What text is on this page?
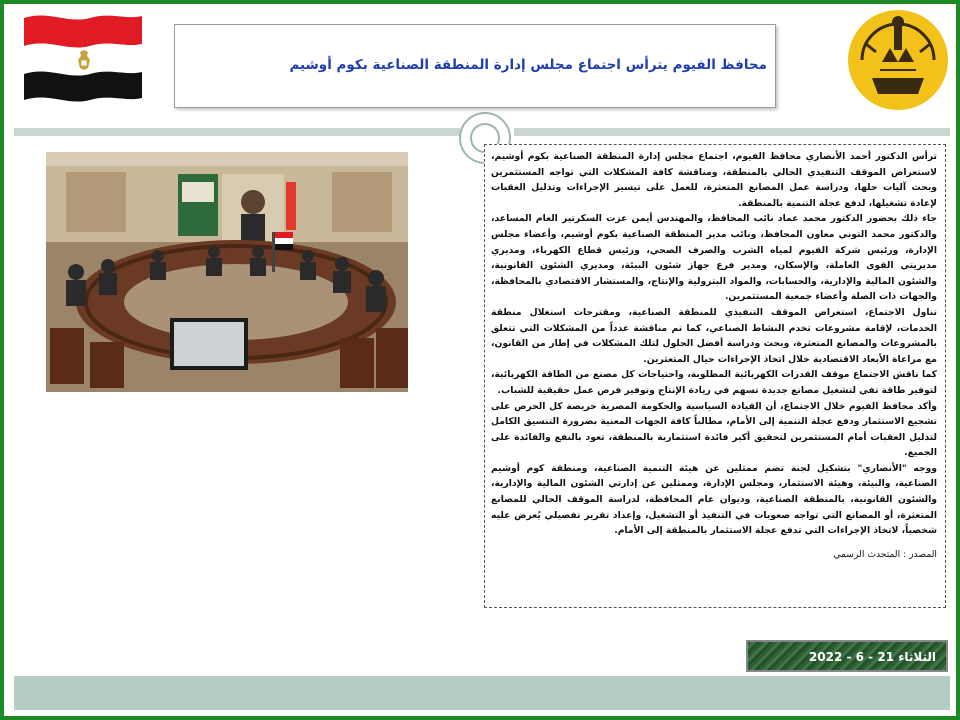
محافظ الفيوم يترأس اجتماع مجلس إدارة المنطقة الصناعية بكوم أوشيم

ترأس الدكتور أحمد الأنصاري محافظ الفيوم، اجتماع مجلس إدارة المنطقة الصناعية بكوم أوشيم، لاستعراض الموقف التنفيذي الحالي بالمنطقة، ومناقشة كافة المشكلات التي تواجه المستثمرين وبحث آليات حلها، ودراسة عمل المصانع المتعثرة، للعمل على تيسير الإجراءات وتذليل العقبات لإعادة تشغيلها، لدفع عجلة التنمية بالمنطقة.

جاء ذلك بحضور الدكتور محمد عماد نائب المحافظ، والمهندس أيمن عزت السكرتير العام المساعد، والدكتور محمد التوني معاون المحافظ، ونائب مدير المنطقة الصناعية بكوم أوشيم، وأعضاء مجلس الإدارة، ورئيس شركة الفيوم لمياه الشرب والصرف الصحي، ورئيس قطاع الكهرباء، ومديري مديريتي القوى العاملة، والإسكان، ومدير فرع جهاز شئون البيئة، ومديري الشئون القانونية، والشئون المالية والإدارية، والحسابات، والمواد البترولية والإنتاج، والمستشار الاقتصادي بالمحافظة، والجهات ذات الصلة وأعضاء جمعية المستثمرين.

تناول الاجتماع، استعراض الموقف التنفيذي للمنطقة الصناعية، ومقترحات استغلال منطقة الخدمات، لإقامة مشروعات تخدم النشاط الصناعي، كما تم مناقشة عدداً من المشكلات التي تتعلق بالمشروعات والمصانع المتعثرة، وبحث ودراسة أفضل الحلول لتلك المشكلات في إطار من القانون، مع مراعاة الأبعاد الاقتصادية خلال اتخاذ الإجراءات حيال المتعثرين.

كما ناقش الاجتماع موقف القدرات الكهربائية المطلوبة، واحتياجات كل مصنع من الطاقة الكهربائية، لتوفير طاقة تفي لتشغيل مصانع جديدة تسهم في زيادة الإنتاج وتوفير فرص عمل حقيقية للشباب.

وأكد محافظ الفيوم خلال الاجتماع، أن القيادة السياسية والحكومة المصرية حريصة كل الحرص على تشجيع الاستثمار ودفع عجلة التنمية إلى الأمام، مطالباً كافة الجهات المعنية بضرورة التنسيق الكامل لتذليل العقبات أمام المستثمرين لتحقيق أكبر فائدة استثمارية بالمنطقة، تعود بالنفع والفائدة على الجميع.

ووجه "الأنصاري" بتشكيل لجنة تضم ممثلين عن هيئة التنمية الصناعية، ومنطقة كوم أوشيم الصناعية، والبيئة، وهيئة الاستثمار، ومجلس الإدارة، وممثلين عن إدارتي الشئون المالية والإدارية، والشئون القانونية، بالمنطقة الصناعية، وديوان عام المحافظة، لدراسة الموقف الحالي للمصانع المتعثرة، أو المصانع التي تواجه صعوبات في التنفيذ أو التشغيل، وإعداد تقرير تفصيلي يُعرض عليه شخصياً، لاتخاذ الإجراءات التي تدفع عجلة الاستثمار بالمنطقة إلى الأمام.

المصدر : المتحدث الرسمي
الثلاثاء 21 - 6 - 2022
